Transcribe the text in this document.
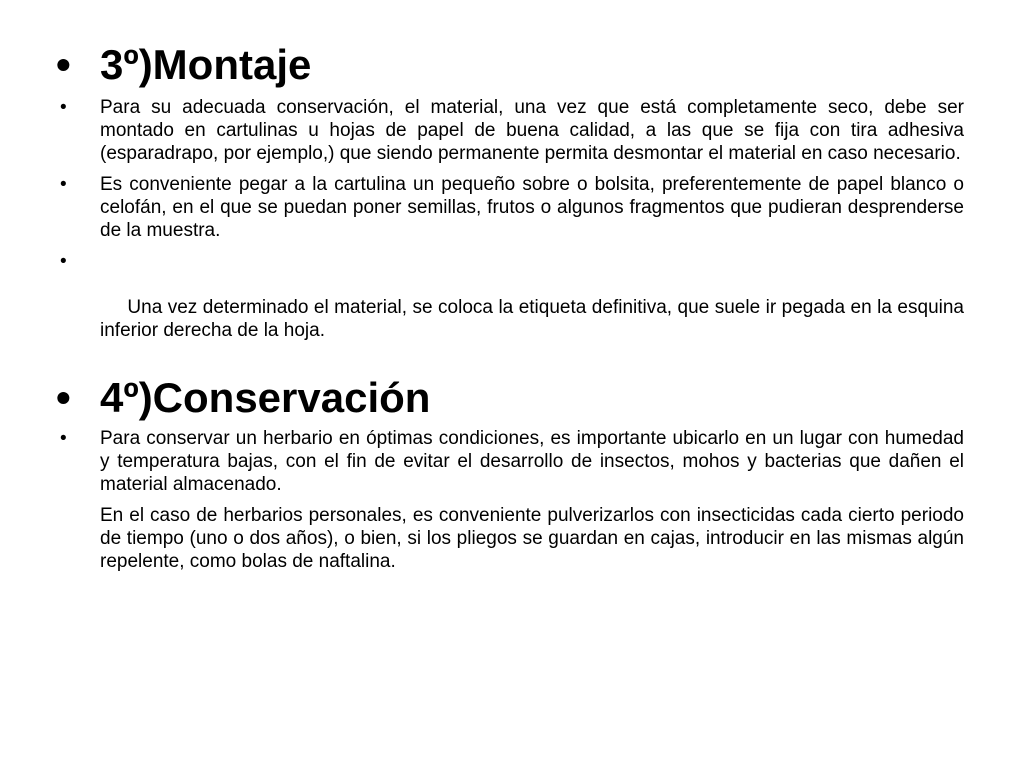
• 3º)Montaje

• Para su adecuada conservación, el material, una vez que está completamente seco, debe ser montado en cartulinas u hojas de papel de buena calidad, a las que se fija con tira adhesiva (esparadrapo, por ejemplo,) que siendo permanente permita desmontar el material en caso necesario.

• Es conveniente pegar a la cartulina un pequeño sobre o bolsita, preferentemente de papel blanco o celofán, en el que se puedan poner semillas, frutos o algunos fragmentos que pudieran desprenderse de la muestra.

•

Una vez determinado el material, se coloca la etiqueta definitiva, que suele ir pegada en la esquina inferior derecha de la hoja.

• 4º)Conservación

• Para conservar un herbario en óptimas condiciones, es importante ubicarlo en un lugar con humedad y temperatura bajas, con el fin de evitar el desarrollo de insectos, mohos y bacterias que dañen el material almacenado.

En el caso de herbarios personales, es conveniente pulverizarlos con insecticidas cada cierto periodo de tiempo (uno o dos años), o bien, si los pliegos se guardan en cajas, introducir en las mismas algún repelente, como bolas de naftalina.
